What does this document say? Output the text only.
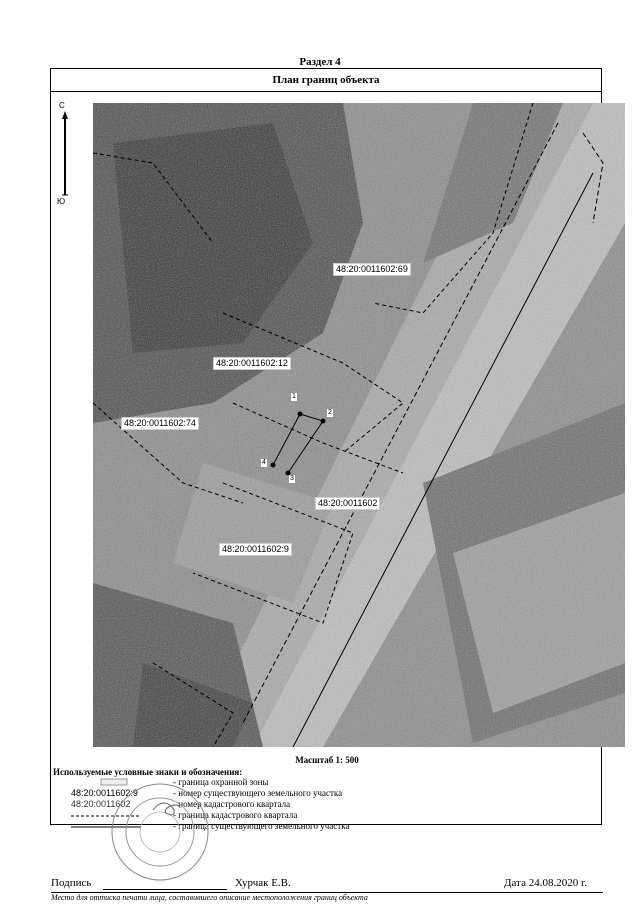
Раздел 4
План границ объекта
С
Ю
48:20:0011602:69
48:20:0011602:12
48:20:0011602:74
48:20:0011602
48:20:0011602:9
1
2
4
3
Масштаб 1: 500
Используемые условные знаки и обозначения:
- граница охранной зоны
48:20:0011602:9	- номер существующего земельного участка
48:20:0011602	- номер кадастрового квартала
- граница кадастрового квартала
- граница существующего земельного участка
Подпись	Хурчак Е.В.	Дата 24.08.2020 г.
Место для оттиска печати лица, составившего описание местоположения границ объекта
